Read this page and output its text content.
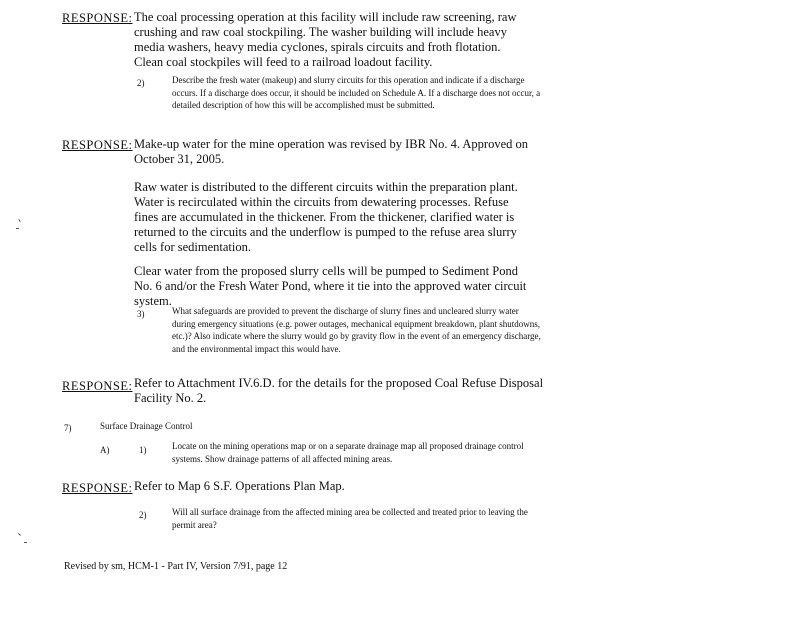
RESPONSE: The coal processing operation at this facility will include raw screening, raw crushing and raw coal stockpiling. The washer building will include heavy media washers, heavy media cyclones, spirals circuits and froth flotation. Clean coal stockpiles will feed to a railroad loadout facility.
2)	Describe the fresh water (makeup) and slurry circuits for this operation and indicate if a discharge occurs. If a discharge does occur, it should be included on Schedule A. If a discharge does not occur, a detailed description of how this will be accomplished must be submitted.
RESPONSE: Make-up water for the mine operation was revised by IBR No. 4. Approved on October 31, 2005.
Raw water is distributed to the different circuits within the preparation plant. Water is recirculated within the circuits from dewatering processes. Refuse fines are accumulated in the thickener. From the thickener, clarified water is returned to the circuits and the underflow is pumped to the refuse area slurry cells for sedimentation.
Clear water from the proposed slurry cells will be pumped to Sediment Pond No. 6 and/or the Fresh Water Pond, where it tie into the approved water circuit system.
3)	What safeguards are provided to prevent the discharge of slurry fines and uncleared slurry water during emergency situations (e.g. power outages, mechanical equipment breakdown, plant shutdowns, etc.)? Also indicate where the slurry would go by gravity flow in the event of an emergency discharge, and the environmental impact this would have.
RESPONSE: Refer to Attachment IV.6.D. for the details for the proposed Coal Refuse Disposal Facility No. 2.
7)	Surface Drainage Control
A)	1)	Locate on the mining operations map or on a separate drainage map all proposed drainage control systems. Show drainage patterns of all affected mining areas.
RESPONSE: Refer to Map 6 S.F. Operations Plan Map.
2)	Will all surface drainage from the affected mining area be collected and treated prior to leaving the permit area?
Revised by sm, HCM-1 - Part IV, Version 7/91, page 12
